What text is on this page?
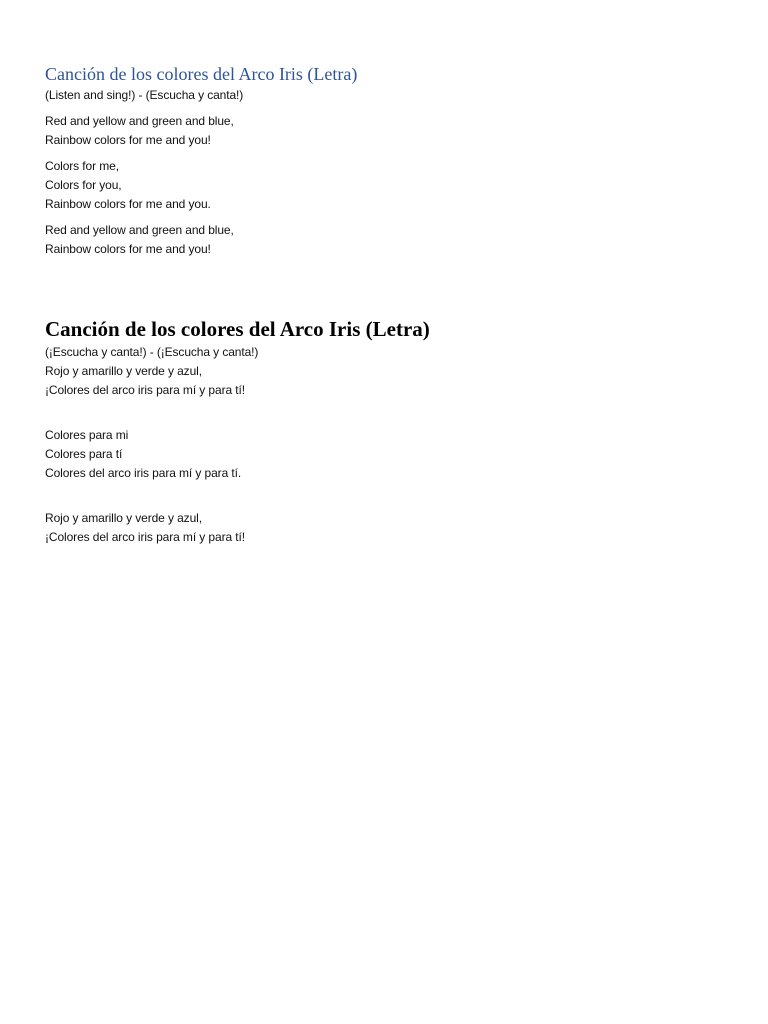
Canción de los colores del Arco Iris (Letra)
(Listen and sing!) - (Escucha y canta!)
Red and yellow and green and blue,
Rainbow colors for me and you!
Colors for me,
Colors for you,
Rainbow colors for me and you.
Red and yellow and green and blue,
Rainbow colors for me and you!
Canción de los colores del Arco Iris (Letra)
(¡Escucha y canta!) - (¡Escucha y canta!)
Rojo y amarillo y verde y azul,
¡Colores del arco iris para mí y para tí!
Colores para mi
Colores para tí
Colores del arco iris para mí y para tí.
Rojo y amarillo y verde y azul,
¡Colores del arco iris para mí y para tí!
